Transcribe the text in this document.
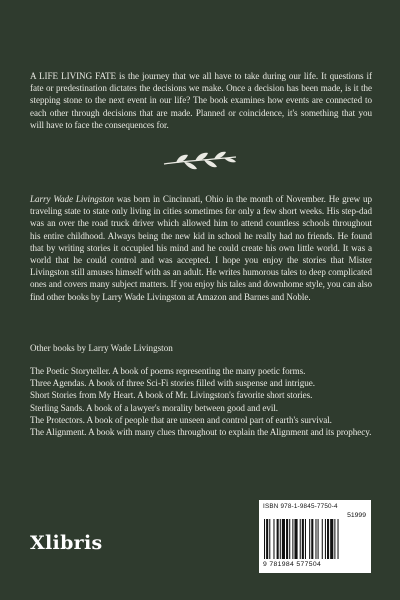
A LIFE LIVING FATE is the journey that we all have to take during our life. It questions if fate or predestination dictates the decisions we make. Once a decision has been made, is it the stepping stone to the next event in our life? The book examines how events are connected to each other through decisions that are made. Planned or coincidence, it's something that you will have to face the consequences for.
Larry Wade Livingston was born in Cincinnati, Ohio in the month of November. He grew up traveling state to state only living in cities sometimes for only a few short weeks. His step-dad was an over the road truck driver which allowed him to attend countless schools throughout his entire childhood. Always being the new kid in school he really had no friends. He found that by writing stories it occupied his mind and he could create his own little world. It was a world that he could control and was accepted. I hope you enjoy the stories that Mister Livingston still amuses himself with as an adult. He writes humorous tales to deep complicated ones and covers many subject matters. If you enjoy his tales and downhome style, you can also find other books by Larry Wade Livingston at Amazon and Barnes and Noble.
Other books by Larry Wade Livingston
The Poetic Storyteller. A book of poems representing the many poetic forms.
Three Agendas. A book of three Sci-Fi stories filled with suspense and intrigue.
Short Stories from My Heart. A book of Mr. Livingston's favorite short stories.
Sterling Sands. A book of a lawyer's morality between good and evil.
The Protectors. A book of people that are unseen and control part of earth's survival.
The Alignment. A book with many clues throughout to explain the Alignment and its prophecy.
Xlibris
ISBN 978-1-9845-7750-4
51999
9 781984 577504
